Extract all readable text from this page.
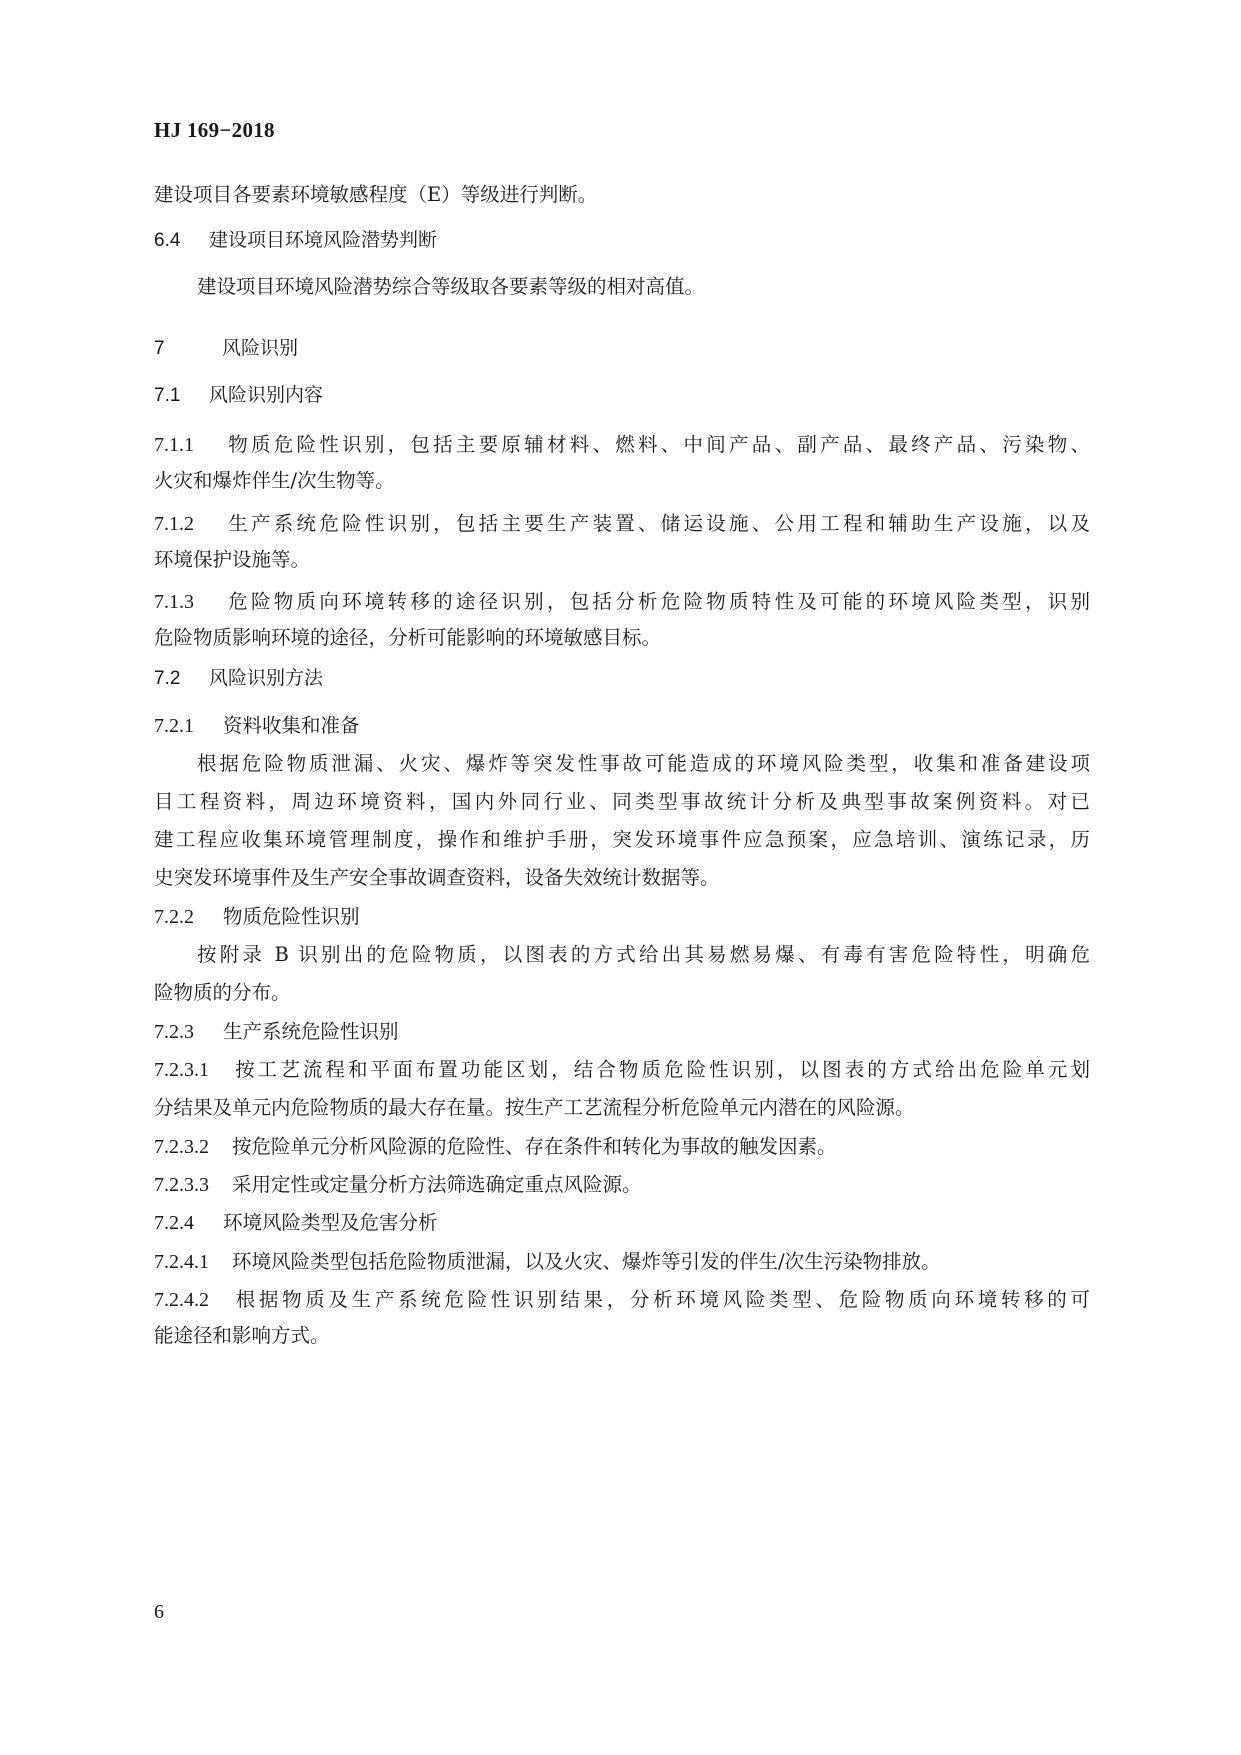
HJ 169−2018
建设项目各要素环境敏感程度（E）等级进行判断。
6.4 建设项目环境风险潜势判断
建设项目环境风险潜势综合等级取各要素等级的相对高值。
7	风险识别
7.1 风险识别内容
7.1.1 物质危险性识别，包括主要原辅材料、燃料、中间产品、副产品、最终产品、污染物、
火灾和爆炸伴生/次生物等。
7.1.2 生产系统危险性识别，包括主要生产装置、储运设施、公用工程和辅助生产设施，以及
环境保护设施等。
7.1.3 危险物质向环境转移的途径识别，包括分析危险物质特性及可能的环境风险类型，识别
危险物质影响环境的途径，分析可能影响的环境敏感目标。
7.2 风险识别方法
7.2.1 资料收集和准备
根据危险物质泄漏、火灾、爆炸等突发性事故可能造成的环境风险类型，收集和准备建设项
目工程资料，周边环境资料，国内外同行业、同类型事故统计分析及典型事故案例资料。对已
建工程应收集环境管理制度，操作和维护手册，突发环境事件应急预案，应急培训、演练记录，历
史突发环境事件及生产安全事故调查资料，设备失效统计数据等。
7.2.2 物质危险性识别
按附录 B 识别出的危险物质，以图表的方式给出其易燃易爆、有毒有害危险特性，明确危
险物质的分布。
7.2.3 生产系统危险性识别
7.2.3.1 按工艺流程和平面布置功能区划，结合物质危险性识别，以图表的方式给出危险单元划
分结果及单元内危险物质的最大存在量。按生产工艺流程分析危险单元内潜在的风险源。
7.2.3.2 按危险单元分析风险源的危险性、存在条件和转化为事故的触发因素。
7.2.3.3 采用定性或定量分析方法筛选确定重点风险源。
7.2.4 环境风险类型及危害分析
7.2.4.1 环境风险类型包括危险物质泄漏，以及火灾、爆炸等引发的伴生/次生污染物排放。
7.2.4.2 根据物质及生产系统危险性识别结果，分析环境风险类型、危险物质向环境转移的可
能途径和影响方式。
6
